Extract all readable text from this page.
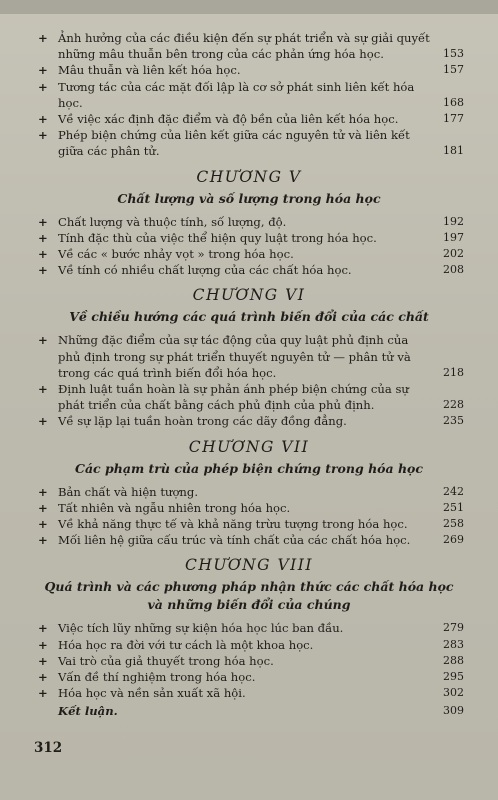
+ Ảnh hưởng của các điều kiện đến sự phát triển và sự giải quyết những mâu thuẫn bên trong của các phản ứng hóa học.	153
+ Mâu thuẫn và liên kết hóa học.	157
+ Tương tác của các mặt đối lập là cơ sở phát sinh liên kết hóa học.	168
+ Về việc xác định đặc điểm và độ bền của liên kết hóa học.	177
+ Phép biện chứng của liên kết giữa các nguyên tử và liên kết giữa các phân tử.	181
CHƯƠNG V
Chất lượng và số lượng trong hóa học
+ Chất lượng và thuộc tính, số lượng, độ.	192
+ Tính đặc thù của việc thể hiện quy luật trong hóa học.	197
+ Về các « bước nhảy vọt » trong hóa học.	202
+ Về tính có nhiều chất lượng của các chất hóa học.	208
CHƯƠNG VI
Về chiều hướng các quá trình biến đổi của các chất
+ Những đặc điểm của sự tác động của quy luật phủ định của phủ định trong sự phát triển thuyết nguyên tử — phân tử và trong các quá trình biến đổi hóa học.	218
+ Định luật tuần hoàn là sự phản ánh phép biện chứng của sự phát triển của chất bằng cách phủ định của phủ định.	228
+ Về sự lặp lại tuần hoàn trong các dãy đồng đẳng.	235
CHƯƠNG VII
Các phạm trù của phép biện chứng trong hóa học
+ Bản chất và hiện tượng.	242
+ Tất nhiên và ngẫu nhiên trong hóa học.	251
+ Về khả năng thực tế và khả năng trừu tượng trong hóa học.	258
+ Mối liên hệ giữa cấu trúc và tính chất của các chất hóa học.	269
CHƯƠNG VIII
Quá trình và các phương pháp nhận thức các chất hóa học và những biến đổi của chúng
+ Việc tích lũy những sự kiện hóa học lúc ban đầu.	279
+ Hóa học ra đời với tư cách là một khoa học.	283
+ Vai trò của giả thuyết trong hóa học.	288
+ Vấn đề thí nghiệm trong hóa học.	295
+ Hóa học và nền sản xuất xã hội.	302
Kết luận.	309
312
